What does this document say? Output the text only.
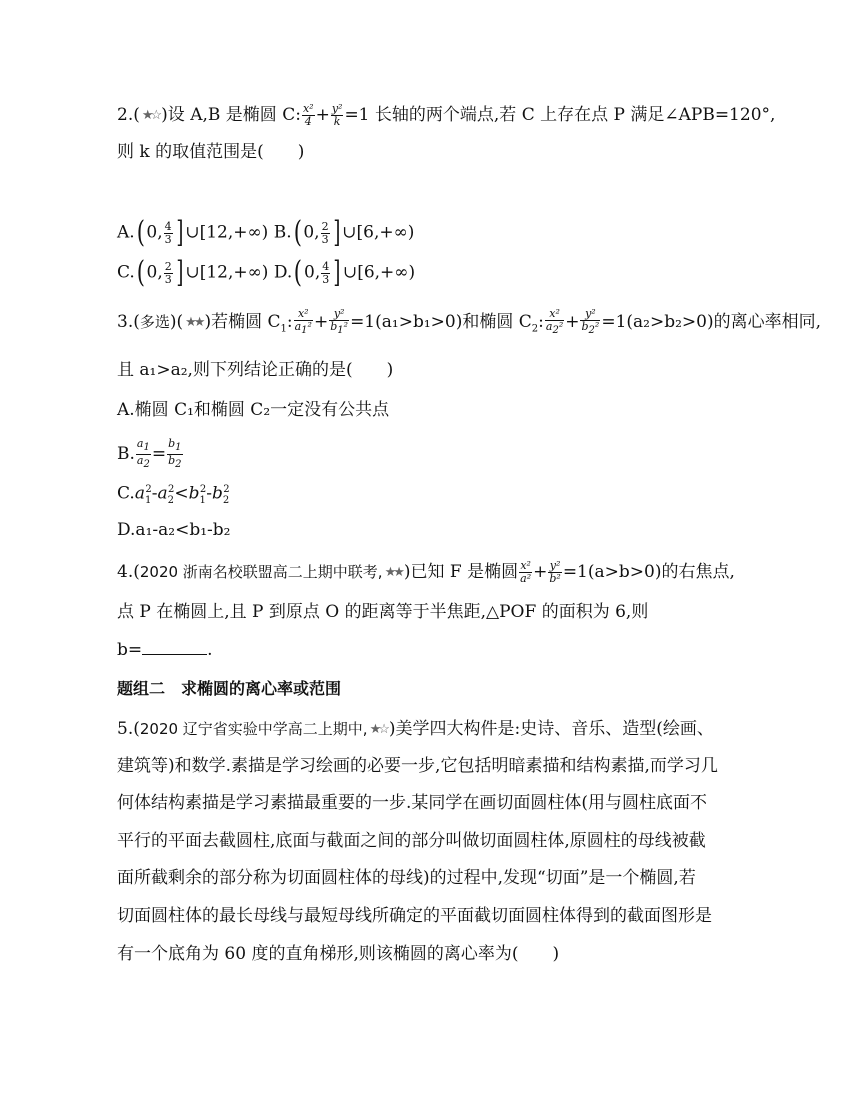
2.( ★☆ )设 A,B 是椭圆 C: $\frac{\text{x²}}{4} + \frac{\text{y²}}{k} =1$ 长轴的两个端点,若 C 上存在点 P 满足∠APB=120°,
则 k 的取值范围是(　　)
A.( 0, $\frac{4}{3}$ ] ∪[12,+∞) B.( 0, $\frac{2}{3}$ ] ∪[6,+∞)
C.( 0, $\frac{2}{3}$ ] ∪[12,+∞) D.( 0, $\frac{4}{3}$ ] ∪[6,+∞)
3.(多选)( ★★ )若椭圆 $C_1$: $\frac{\text{x²}}{a_1^2} + \frac{\text{y²}}{b_1^2} =1(a_1>b_1>0)$和椭圆 $C_2$: $\frac{\text{x²}}{a_2^2} + \frac{\text{y²}}{b_2^2} =1(a_2>b_2>0)$的离心率相同,
且 a₁>a₂,则下列结论正确的是(　　)
A.椭圆 C₁和椭圆 C₂一定没有公共点
B. $\frac{a_1}{a_2} = \frac{b_1}{b_2}$
$C.a_1^2-a_2^2<b_1^2-b_2^2$
D.a₁-a₂<b₁-b₂
4.(2020 浙南名校联盟高二上期中联考, ★★ )已知 F 是椭圆 $\frac{\text{x²}}{\text{a²}} + \frac{\text{y²}}{\text{b²}} =1(a>b>0)$的右焦点,
点 P 在椭圆上,且 P 到原点 O 的距离等于半焦距,△POF 的面积为 6,则
b=	.
题组二　求椭圆的离心率或范围
5.(2020 辽宁省实验中学高二上期中, ★☆ )美学四大构件是:史诗、音乐、造型(绘画、
建筑等)和数学.素描是学习绘画的必要一步,它包括明暗素描和结构素描,而学习几
何体结构素描是学习素描最重要的一步.某同学在画切面圆柱体(用与圆柱底面不
平行的平面去截圆柱,底面与截面之间的部分叫做切面圆柱体,原圆柱的母线被截
面所截剩余的部分称为切面圆柱体的母线)的过程中,发现“切面”是一个椭圆,若
切面圆柱体的最长母线与最短母线所确定的平面截切面圆柱体得到的截面图形是
有一个底角为 60 度的直角梯形,则该椭圆的离心率为(　　)
